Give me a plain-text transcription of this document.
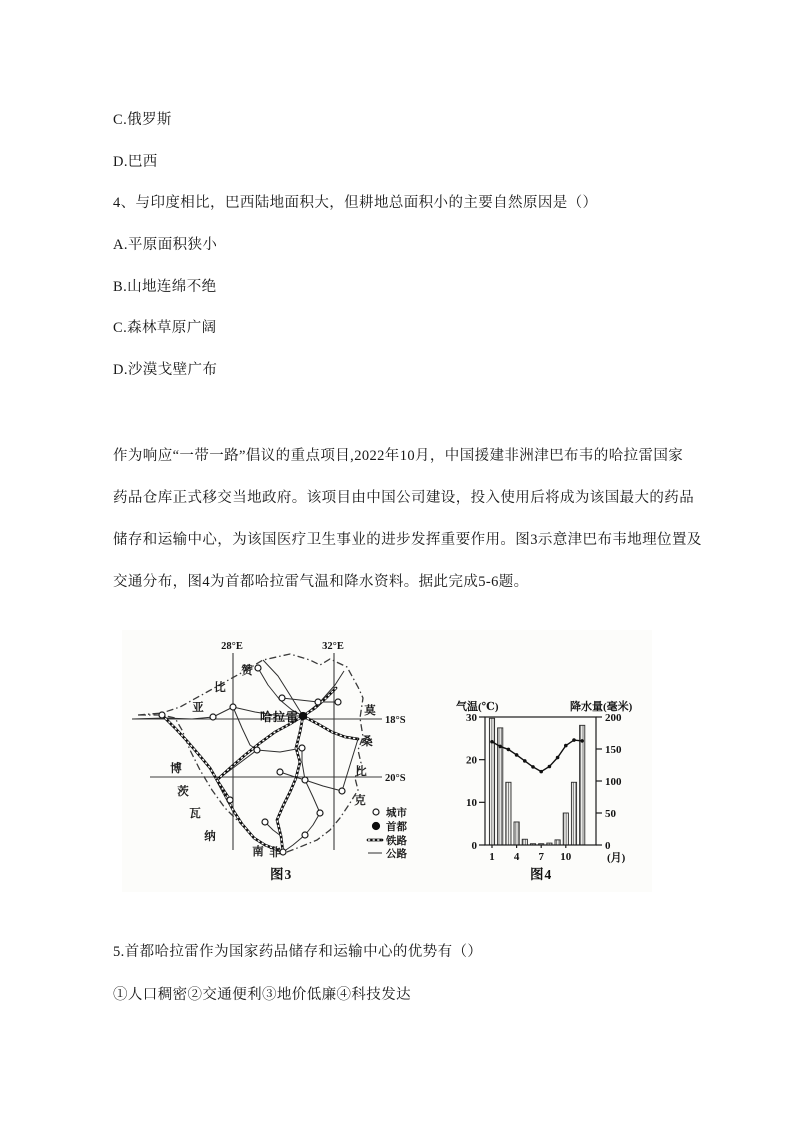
C.俄罗斯
D.巴西
4、与印度相比，巴西陆地面积大，但耕地总面积小的主要自然原因是（）
A.平原面积狭小
B.山地连绵不绝
C.森林草原广阔
D.沙漠戈壁广布
作为响应“一带一路”倡议的重点项目,2022年10月，中国援建非洲津巴布韦的哈拉雷国家
药品仓库正式移交当地政府。该项目由中国公司建设，投入使用后将成为该国最大的药品
储存和运输中心，为该国医疗卫生事业的进步发挥重要作用。图3示意津巴布韦地理位置及
交通分布，图4为首都哈拉雷气温和降水资料。据此完成5-6题。
28°E	32°E
18°S
20°S
哈拉雷
赞
比
亚	莫
桑
比
克
博
茨
瓦
纳
南 非
城市
首都
铁路
公路
图3
气温(℃)	降水量(毫米)
0
10
20
30
0
50
100
150
200
1 4 7 10	(月)
图4
5.首都哈拉雷作为国家药品储存和运输中心的优势有（）
①人口稠密②交通便利③地价低廉④科技发达
